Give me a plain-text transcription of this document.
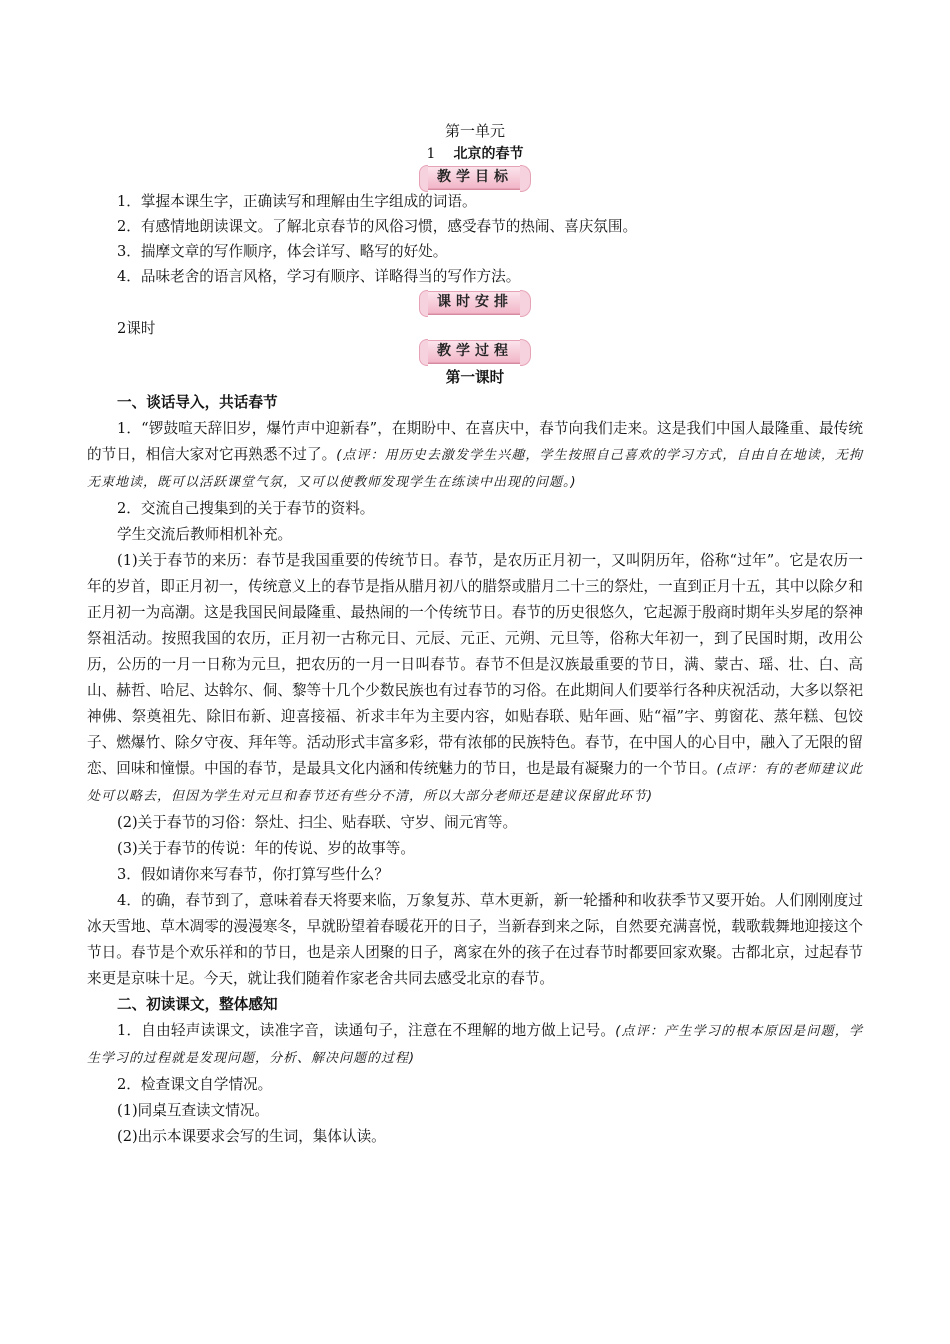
第一单元
1 北京的春节
教学目标
1．掌握本课生字，正确读写和理解由生字组成的词语。
2．有感情地朗读课文。了解北京春节的风俗习惯，感受春节的热闹、喜庆氛围。
3．揣摩文章的写作顺序，体会详写、略写的好处。
4．品味老舍的语言风格，学习有顺序、详略得当的写作方法。
课时安排
2课时
教学过程
第一课时
一、谈话导入，共话春节
1．“锣鼓喧天辞旧岁，爆竹声中迎新春”，在期盼中、在喜庆中，春节向我们走来。这是我们中国人最隆重、最传统的节日，相信大家对它再熟悉不过了。(点评：用历史去激发学生兴趣，学生按照自己喜欢的学习方式，自由自在地读，无拘无束地读，既可以活跃课堂气氛，又可以使教师发现学生在练读中出现的问题。)
2．交流自己搜集到的关于春节的资料。
学生交流后教师相机补充。
(1)关于春节的来历：春节是我国重要的传统节日。春节，是农历正月初一，又叫阴历年，俗称“过年”。它是农历一年的岁首，即正月初一，传统意义上的春节是指从腊月初八的腊祭或腊月二十三的祭灶，一直到正月十五，其中以除夕和正月初一为高潮。这是我国民间最隆重、最热闹的一个传统节日。春节的历史很悠久，它起源于殷商时期年头岁尾的祭神祭祖活动。按照我国的农历，正月初一古称元日、元辰、元正、元朔、元旦等，俗称大年初一，到了民国时期，改用公历，公历的一月一日称为元旦，把农历的一月一日叫春节。春节不但是汉族最重要的节日，满、蒙古、瑶、壮、白、高山、赫哲、哈尼、达斡尔、侗、黎等十几个少数民族也有过春节的习俗。在此期间人们要举行各种庆祝活动，大多以祭祀神佛、祭奠祖先、除旧布新、迎喜接福、祈求丰年为主要内容，如贴春联、贴年画、贴“福”字、剪窗花、蒸年糕、包饺子、燃爆竹、除夕守夜、拜年等。活动形式丰富多彩，带有浓郁的民族特色。春节，在中国人的心目中，融入了无限的留恋、回味和憧憬。中国的春节，是最具文化内涵和传统魅力的节日，也是最有凝聚力的一个节日。(点评：有的老师建议此处可以略去，但因为学生对元旦和春节还有些分不清，所以大部分老师还是建议保留此环节)
(2)关于春节的习俗：祭灶、扫尘、贴春联、守岁、闹元宵等。
(3)关于春节的传说：年的传说、岁的故事等。
3．假如请你来写春节，你打算写些什么？
4．的确，春节到了，意味着春天将要来临，万象复苏、草木更新，新一轮播种和收获季节又要开始。人们刚刚度过冰天雪地、草木凋零的漫漫寒冬，早就盼望着春暖花开的日子，当新春到来之际，自然要充满喜悦，载歌载舞地迎接这个节日。春节是个欢乐祥和的节日，也是亲人团聚的日子，离家在外的孩子在过春节时都要回家欢聚。古都北京，过起春节来更是京味十足。今天，就让我们随着作家老舍共同去感受北京的春节。
二、初读课文，整体感知
1．自由轻声读课文，读准字音，读通句子，注意在不理解的地方做上记号。(点评：产生学习的根本原因是问题，学生学习的过程就是发现问题，分析、解决问题的过程)
2．检查课文自学情况。
(1)同桌互查读文情况。
(2)出示本课要求会写的生词，集体认读。
